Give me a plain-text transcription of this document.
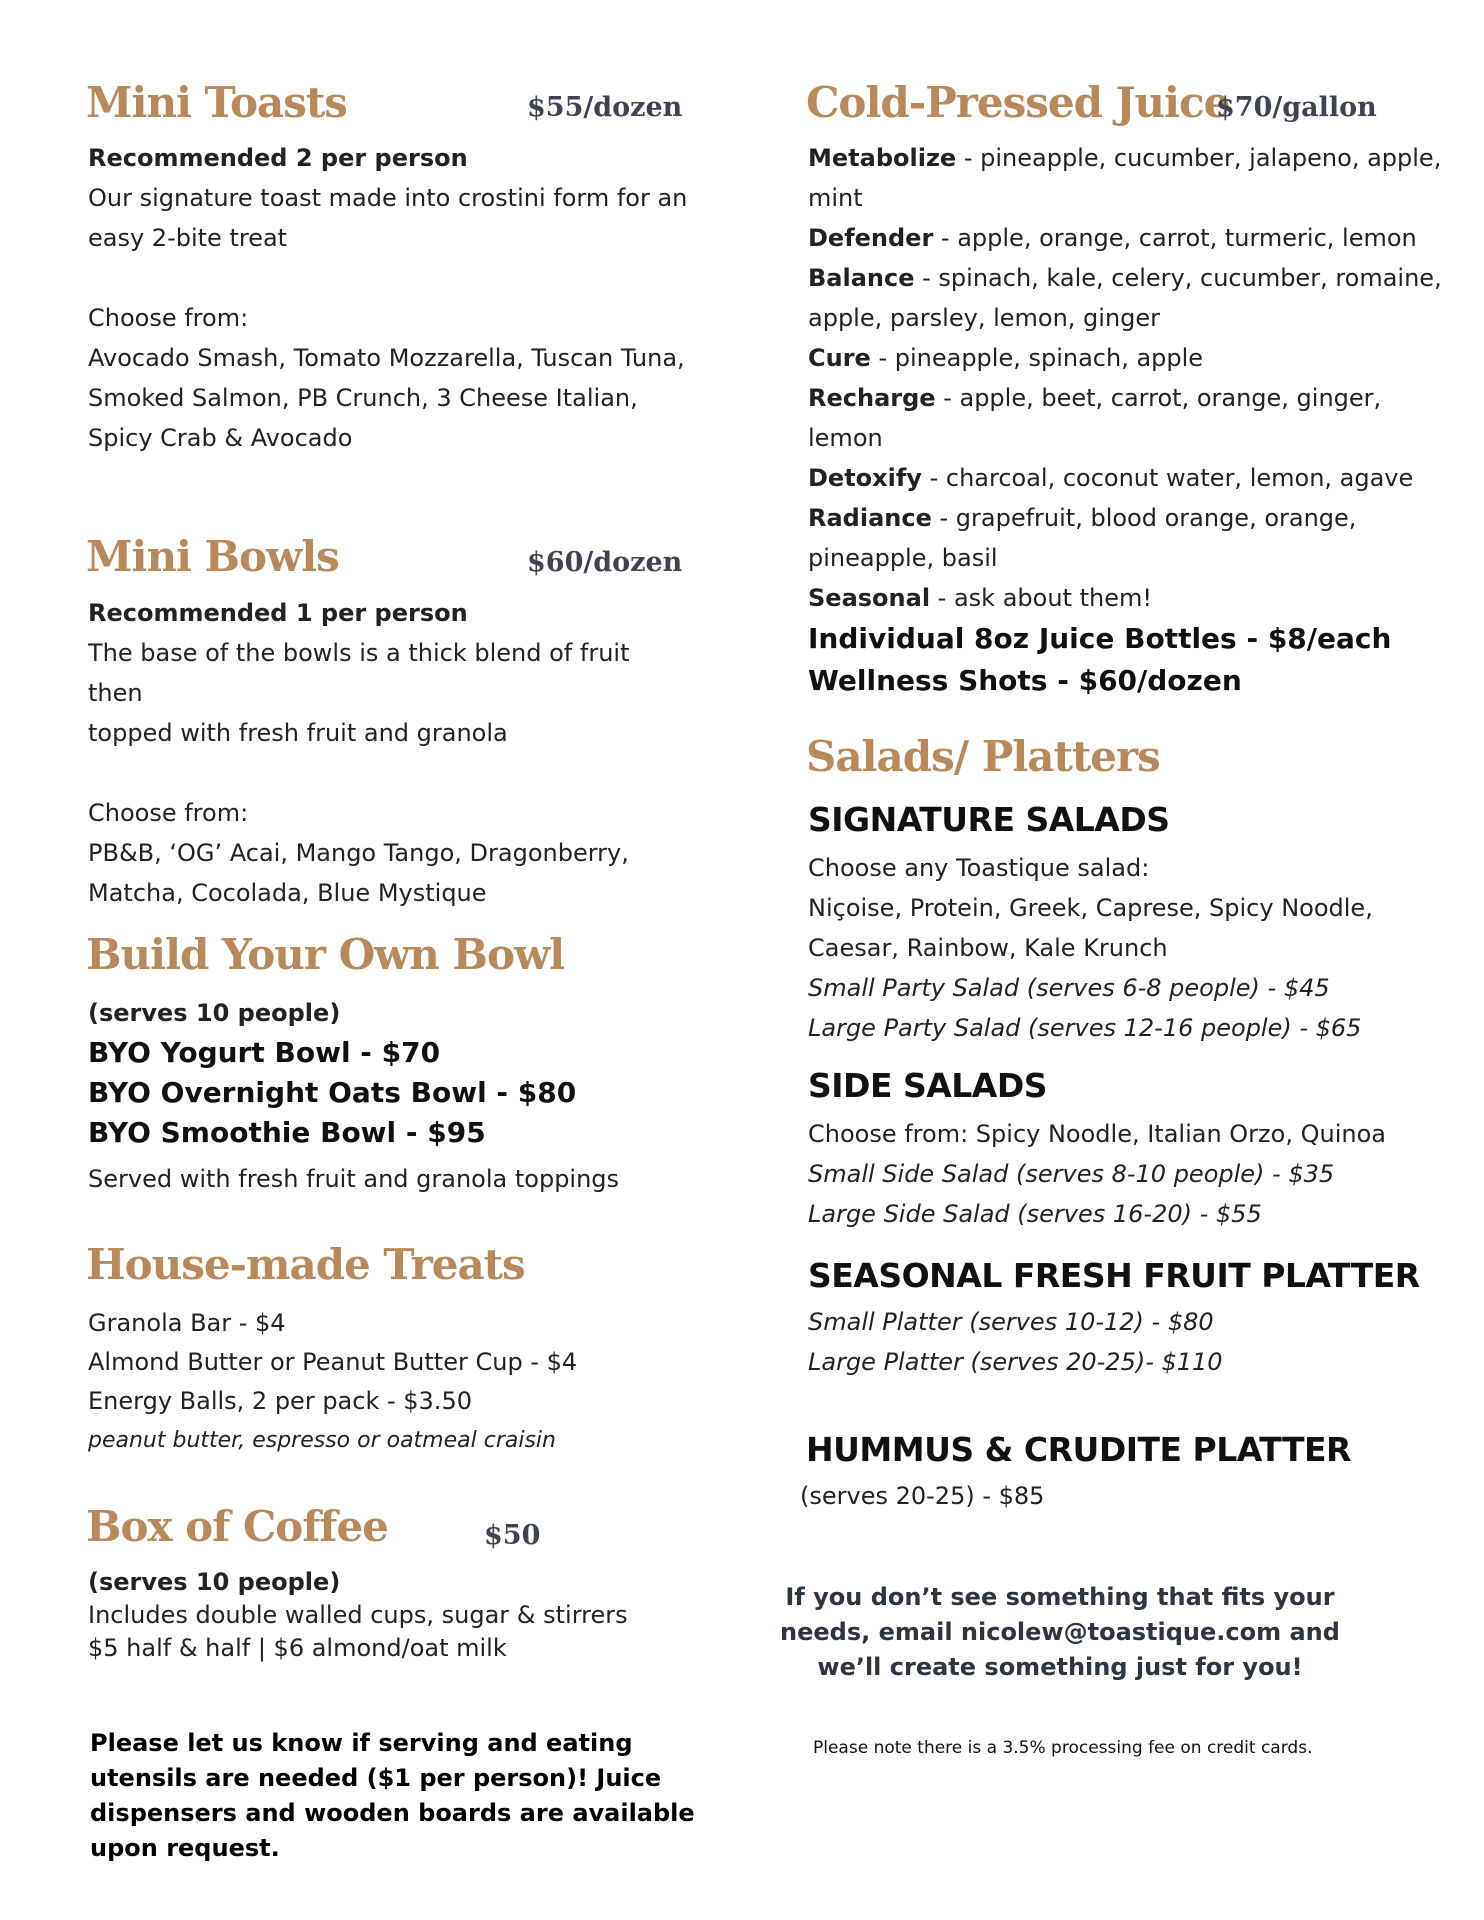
Mini Toasts	$55/dozen
Recommended 2 per person
Our signature toast made into crostini form for an
easy 2-bite treat
Choose from:
Avocado Smash, Tomato Mozzarella, Tuscan Tuna,
Smoked Salmon, PB Crunch, 3 Cheese Italian,
Spicy Crab & Avocado
Mini Bowls	$60/dozen
Recommended 1 per person
The base of the bowls is a thick blend of fruit then
topped with fresh fruit and granola
Choose from:
PB&B, ‘OG’ Acai, Mango Tango, Dragonberry,
Matcha, Cocolada, Blue Mystique
Build Your Own Bowl
(serves 10 people)
BYO Yogurt Bowl - $70
BYO Overnight Oats Bowl - $80
BYO Smoothie Bowl - $95
Served with fresh fruit and granola toppings
House-made Treats
Granola Bar - $4
Almond Butter or Peanut Butter Cup - $4
Energy Balls, 2 per pack - $3.50
peanut butter, espresso or oatmeal craisin
Box of Coffee	$50
(serves 10 people)
Includes double walled cups, sugar & stirrers
$5 half & half | $6 almond/oat milk
Please let us know if serving and eating
utensils are needed ($1 per person)! Juice
dispensers and wooden boards are available
upon request.
Cold-Pressed Juice
$70/gallon
Metabolize - pineapple, cucumber, jalapeno, apple,
mint
Defender - apple, orange, carrot, turmeric, lemon
Balance - spinach, kale, celery, cucumber, romaine,
apple, parsley, lemon, ginger
Cure - pineapple, spinach, apple
Recharge - apple, beet, carrot, orange, ginger,
lemon
Detoxify - charcoal, coconut water, lemon, agave
Radiance - grapefruit, blood orange, orange,
pineapple, basil
Seasonal - ask about them!
Individual 8oz Juice Bottles - $8/each
Wellness Shots - $60/dozen
Salads/ Platters
SIGNATURE SALADS
Choose any Toastique salad:
Niçoise, Protein, Greek, Caprese, Spicy Noodle,
Caesar, Rainbow, Kale Krunch
Small Party Salad (serves 6-8 people) - $45
Large Party Salad (serves 12-16 people) - $65
SIDE SALADS
Choose from: Spicy Noodle, Italian Orzo, Quinoa
Small Side Salad (serves 8-10 people) - $35
Large Side Salad (serves 16-20) - $55
SEASONAL FRESH FRUIT PLATTER
Small Platter (serves 10-12) - $80
Large Platter (serves 20-25)- $110
HUMMUS & CRUDITE PLATTER
(serves 20-25) - $85
If you don’t see something that fits your
needs, email nicolew@toastique.com and
we’ll create something just for you!
Please note there is a 3.5% processing fee on credit cards.
